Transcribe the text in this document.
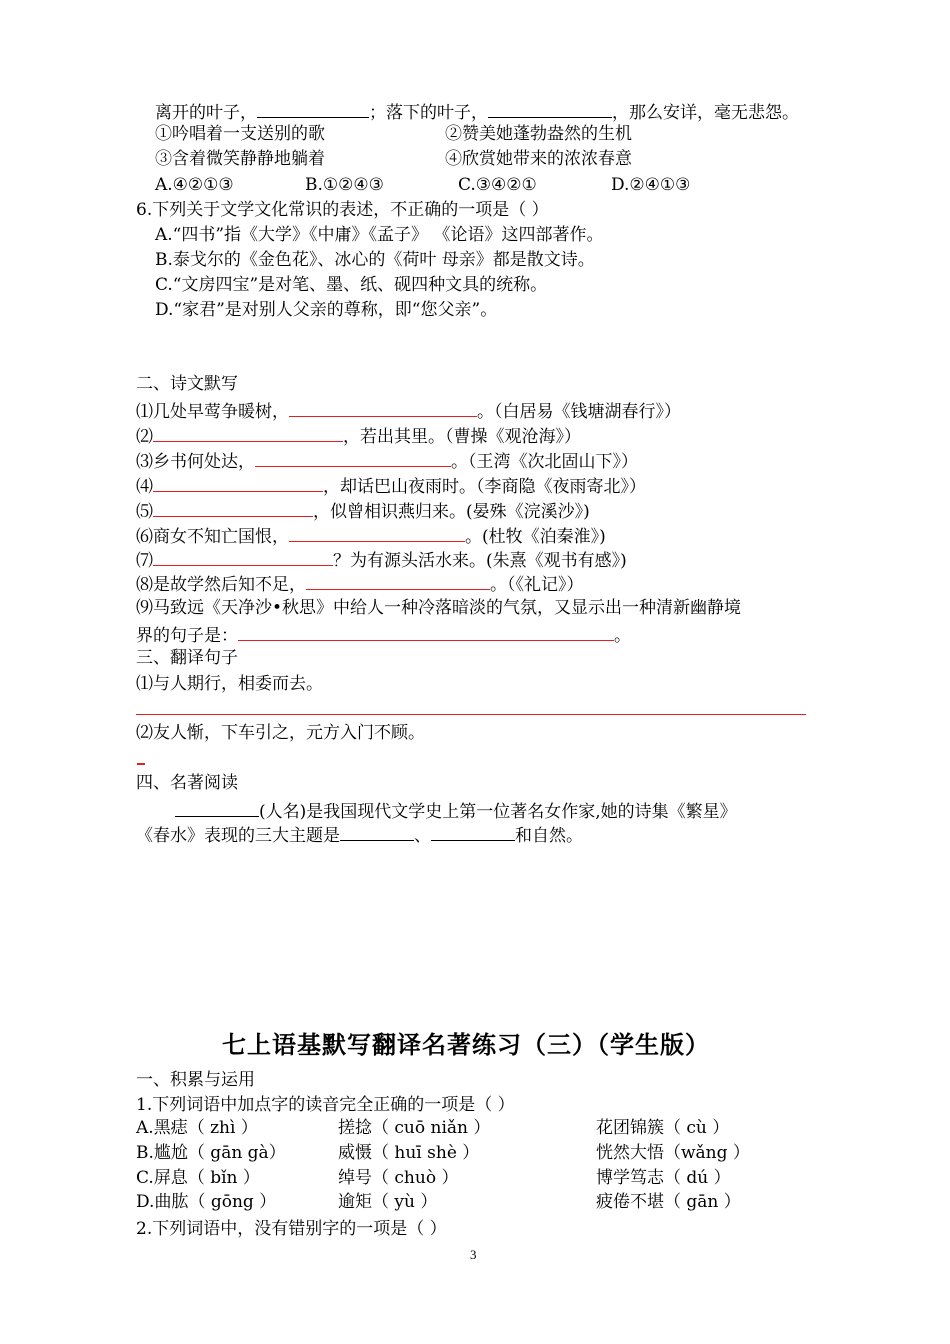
离开的叶子，	；落下的叶子，	，那么安详，毫无悲怨。
①吟唱着一支送别的歌	②赞美她蓬勃盎然的生机
③含着微笑静静地躺着	④欣赏她带来的浓浓春意
A.④②①③	B.①②④③	C.③④②①	D.②④①③
6.下列关于文学文化常识的表述，不正确的一项是（ ）
A.“四书”指《大学》《中庸》《孟子》 《论语》这四部著作。
B.泰戈尔的《金色花》、冰心的《荷叶 母亲》都是散文诗。
C.“文房四宝”是对笔、墨、纸、砚四种文具的统称。
D.“家君”是对别人父亲的尊称，即“您父亲”。
二、诗文默写
⑴几处早莺争暖树，	。（白居易《钱塘湖春行》）
⑵	，若出其里。（曹操《观沧海》）
⑶乡书何处达，	。（王湾《次北固山下》）
⑷	，却话巴山夜雨时。（李商隐《夜雨寄北》）
⑸	，似曾相识燕归来。(晏殊《浣溪沙》)
⑹商女不知亡国恨，	。(杜牧《泊秦淮》)
⑺	？为有源头活水来。(朱熹《观书有感》)
⑻是故学然后知不足，	。（《礼记》）
⑼马致远《天净沙•秋思》中给人一种冷落暗淡的气氛，又显示出一种清新幽静境
界的句子是：	。
三、翻译句子
⑴与人期行，相委而去。
⑵友人惭，下车引之，元方入门不顾。
四、名著阅读
(人名)是我国现代文学史上第一位著名女作家,她的诗集《繁星》
《春水》表现的三大主题是	、	和自然。
七上语基默写翻译名著练习（三）（学生版）
一、积累与运用
1.下列词语中加点字的读音完全正确的一项是（ ）
A.黑痣（ zhì ）	搓捻（ cuō niǎn ）	花团锦簇（ cù ）
B.尴尬（ gān gà）	威慑（ huī shè ）	恍然大悟（wǎng ）
C.屏息（ bǐn ）	绰号（ chuò ）	博学笃志（ dú ）
D.曲肱（ gōng ）	逾矩（ yù ）	疲倦不堪（ gān ）
2.下列词语中，没有错别字的一项是（ ）
3
